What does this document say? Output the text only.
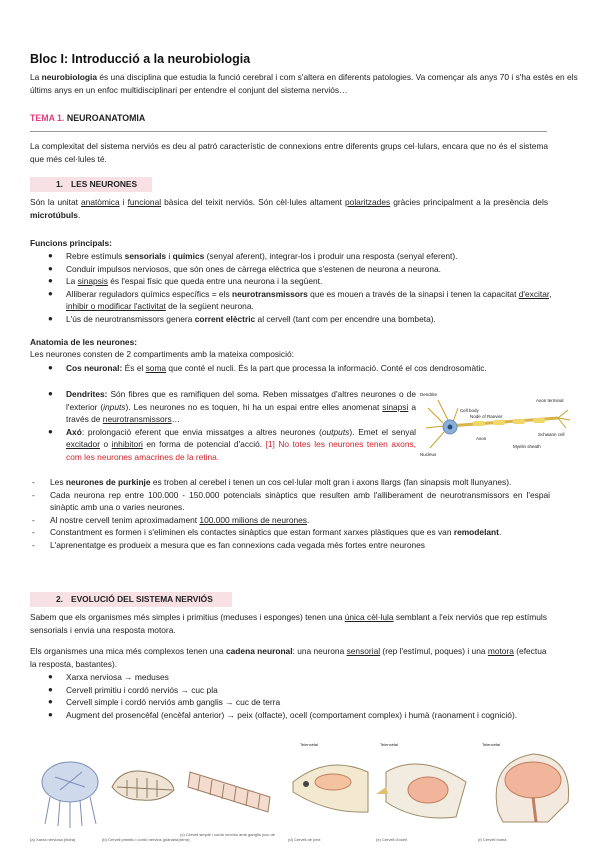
Bloc I: Introducció a la neurobiologia

La neurobiologia és una disciplina que estudia la funció cerebral i com s'altera en diferents patologies. Va començar als anys 70 i s'ha estès en els últims anys en un enfoc multidisciplinari per entendre el conjunt del sistema nerviós…

TEMA 1. NEUROANATOMIA

La complexitat del sistema nerviós es deu al patró característic de connexions entre diferents grups cel·lulars, encara que no és el sistema que més cel·lules té.

1. LES NEURONES

Són la unitat anatòmica i funcional bàsica del teixit nerviós. Són cèl·lules altament polaritzades gràcies principalment a la presència dels microtúbuls.

Funcions principals:

● Rebre estímuls sensorials i químics (senyal aferent), integrar-los i produir una resposta (senyal eferent).
● Conduir impulsos nerviosos, que són ones de càrrega elèctrica que s'estenen de neurona a neurona.
● La sinapsis és l'espai físic que queda entre una neurona i la següent.
● Alliberar reguladors químics específics = els neurotransmissors que es mouen a través de la sinapsi i tenen la capacitat d'excitar, inhibir o modificar l'activitat de la següent neurona.
● L'ús de neurotransmissors genera corrent elèctric al cervell (tant com per encendre una bombeta).

Anatomia de les neurones:

Les neurones consten de 2 compartiments amb la mateixa composició:

● Cos neuronal: És el soma que conté el nucli. És la part que processa la informació. Conté el cos dendrosomàtic.
● Dendrites: Són fibres que es ramifiquen del soma. Reben missatges d'altres neurones o de l'exterior (inputs). Les neurones no es toquen, hi ha un espai entre elles anomenat sinapsi a través de neurotransmissors…
● Axó: prolongació eferent que envia missatges a altres neurones (outputs). Emet el senyal excitador o inhibitori en forma de potencial d'acció. [1] No totes les neurones tenen axons, com les neurones amacrines de la retina.
Dendrite
Axon terminal
Cell body
Node of Ranvier
Schwann cell
Axon
Myelin sheath
Nucleus
- Les neurones de purkinje es troben al cerebel i tenen un cos cel·lular molt gran i axons llargs (fan sinapsis molt llunyanes).
- Cada neurona rep entre 100.000 - 150.000 potencials sinàptics que resulten amb l'alliberament de neurotransmissors en l'espai sinàptic amb una o varies neurones.
- Al nostre cervell tenim aproximadament 100.000 milions de neurones.
- Constantment es formen i s'eliminen els contactes sinàptics que estan formant xarxes plàstiques que es van remodelant.
- L'aprenentatge es produeix a mesura que es fan connexions cada vegada més fortes entre neurones
2. EVOLUCIÓ DEL SISTEMA NERVIÓS

Sabem que els organismes més simples i primitius (meduses i esponges) tenen una única cèl·lula semblant a l'eix nerviós que rep estímuls sensorials i envia una resposta motora.

Els organismes una mica més complexos tenen una cadena neuronal: una neurona sensorial (rep l'estímul, poques) i una motora (efectua la resposta, bastantes).

● Xarxa nerviosa → meduses
● Cervell primitiu i cordó nerviós → cuc pla
● Cervell simple i cordó nerviós amb ganglis → cuc de terra
● Augment del prosencèfal (encèfal anterior) → peix (olfacte), ocell (comportament complex) i humà (raonament i cognició).
(a) Xarxa nerviosa (hidra)	(b) Cervell primitiu i cordó nerviós (planària)
(c) Cervell simple i cordó nerviós amb ganglis (cuc de terra)
Telencèfal
(d) Cervell de peix
Telencèfal
(e) Cervell d'ocell
Telencèfal
(f) Cervell humà
